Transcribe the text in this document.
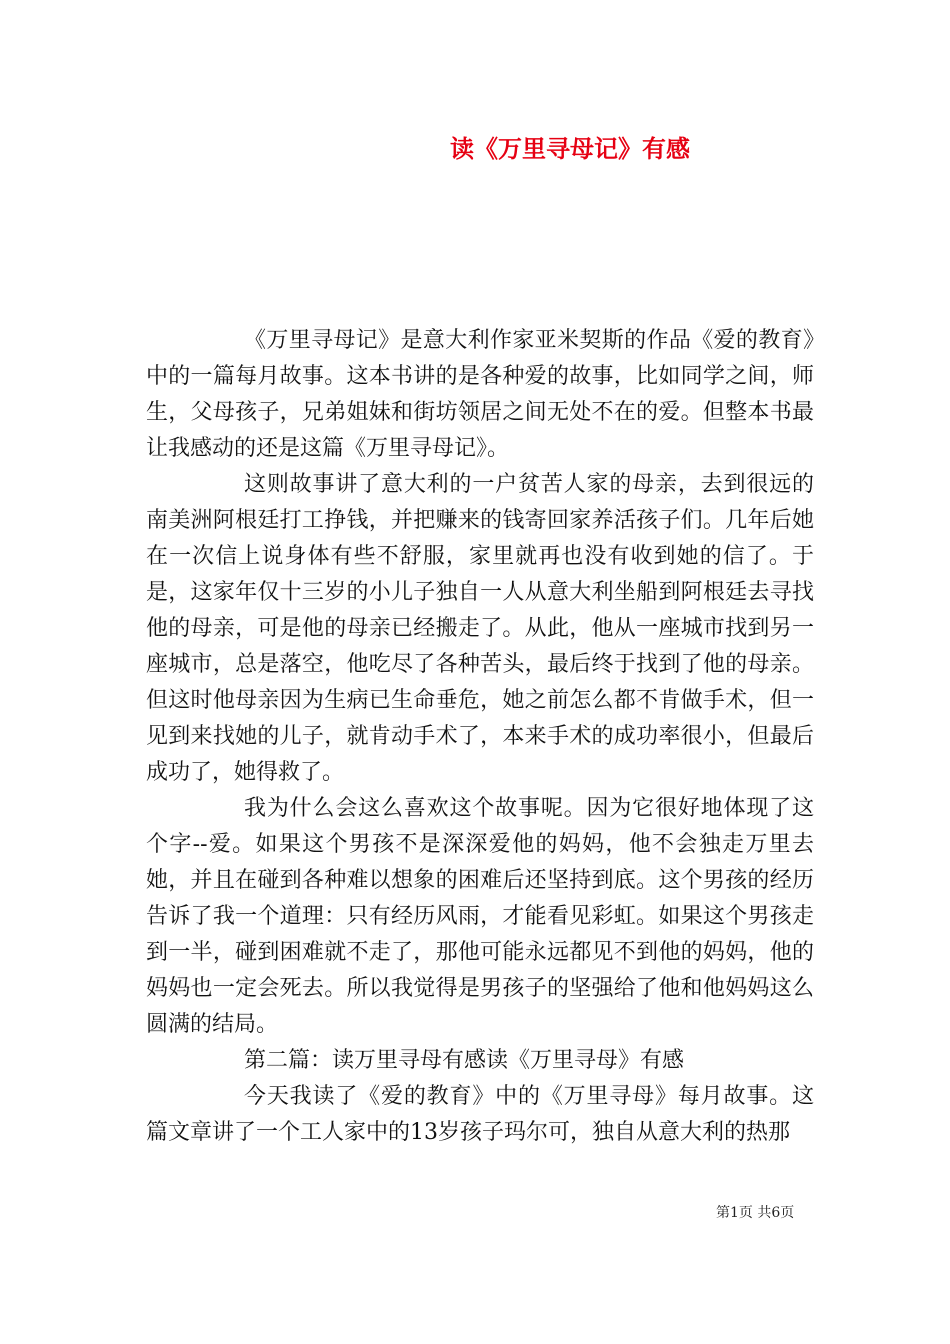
读《万里寻母记》有感

《万里寻母记》是意大利作家亚米契斯的作品《爱的教育》中的一篇每月故事。这本书讲的是各种爱的故事，比如同学之间，师生，父母孩子，兄弟姐妹和街坊领居之间无处不在的爱。但整本书最让我感动的还是这篇《万里寻母记》。

这则故事讲了意大利的一户贫苦人家的母亲，去到很远的南美洲阿根廷打工挣钱，并把赚来的钱寄回家养活孩子们。几年后她在一次信上说身体有些不舒服，家里就再也没有收到她的信了。于是，这家年仅十三岁的小儿子独自一人从意大利坐船到阿根廷去寻找他的母亲，可是他的母亲已经搬走了。从此，他从一座城市找到另一座城市，总是落空，他吃尽了各种苦头，最后终于找到了他的母亲。但这时他母亲因为生病已生命垂危，她之前怎么都不肯做手术，但一见到来找她的儿子，就肯动手术了，本来手术的成功率很小，但最后成功了，她得救了。

我为什么会这么喜欢这个故事呢。因为它很好地体现了这个字--爱。如果这个男孩不是深深爱他的妈妈，他不会独走万里去她，并且在碰到各种难以想象的困难后还坚持到底。这个男孩的经历告诉了我一个道理：只有经历风雨，才能看见彩虹。如果这个男孩走到一半，碰到困难就不走了，那他可能永远都见不到他的妈妈，他的妈妈也一定会死去。所以我觉得是男孩子的坚强给了他和他妈妈这么圆满的结局。

第二篇：读万里寻母有感读《万里寻母》有感

今天我读了《爱的教育》中的《万里寻母》每月故事。这篇文章讲了一个工人家中的13岁孩子玛尔可，独自从意大利的热那

第1页 共6页
